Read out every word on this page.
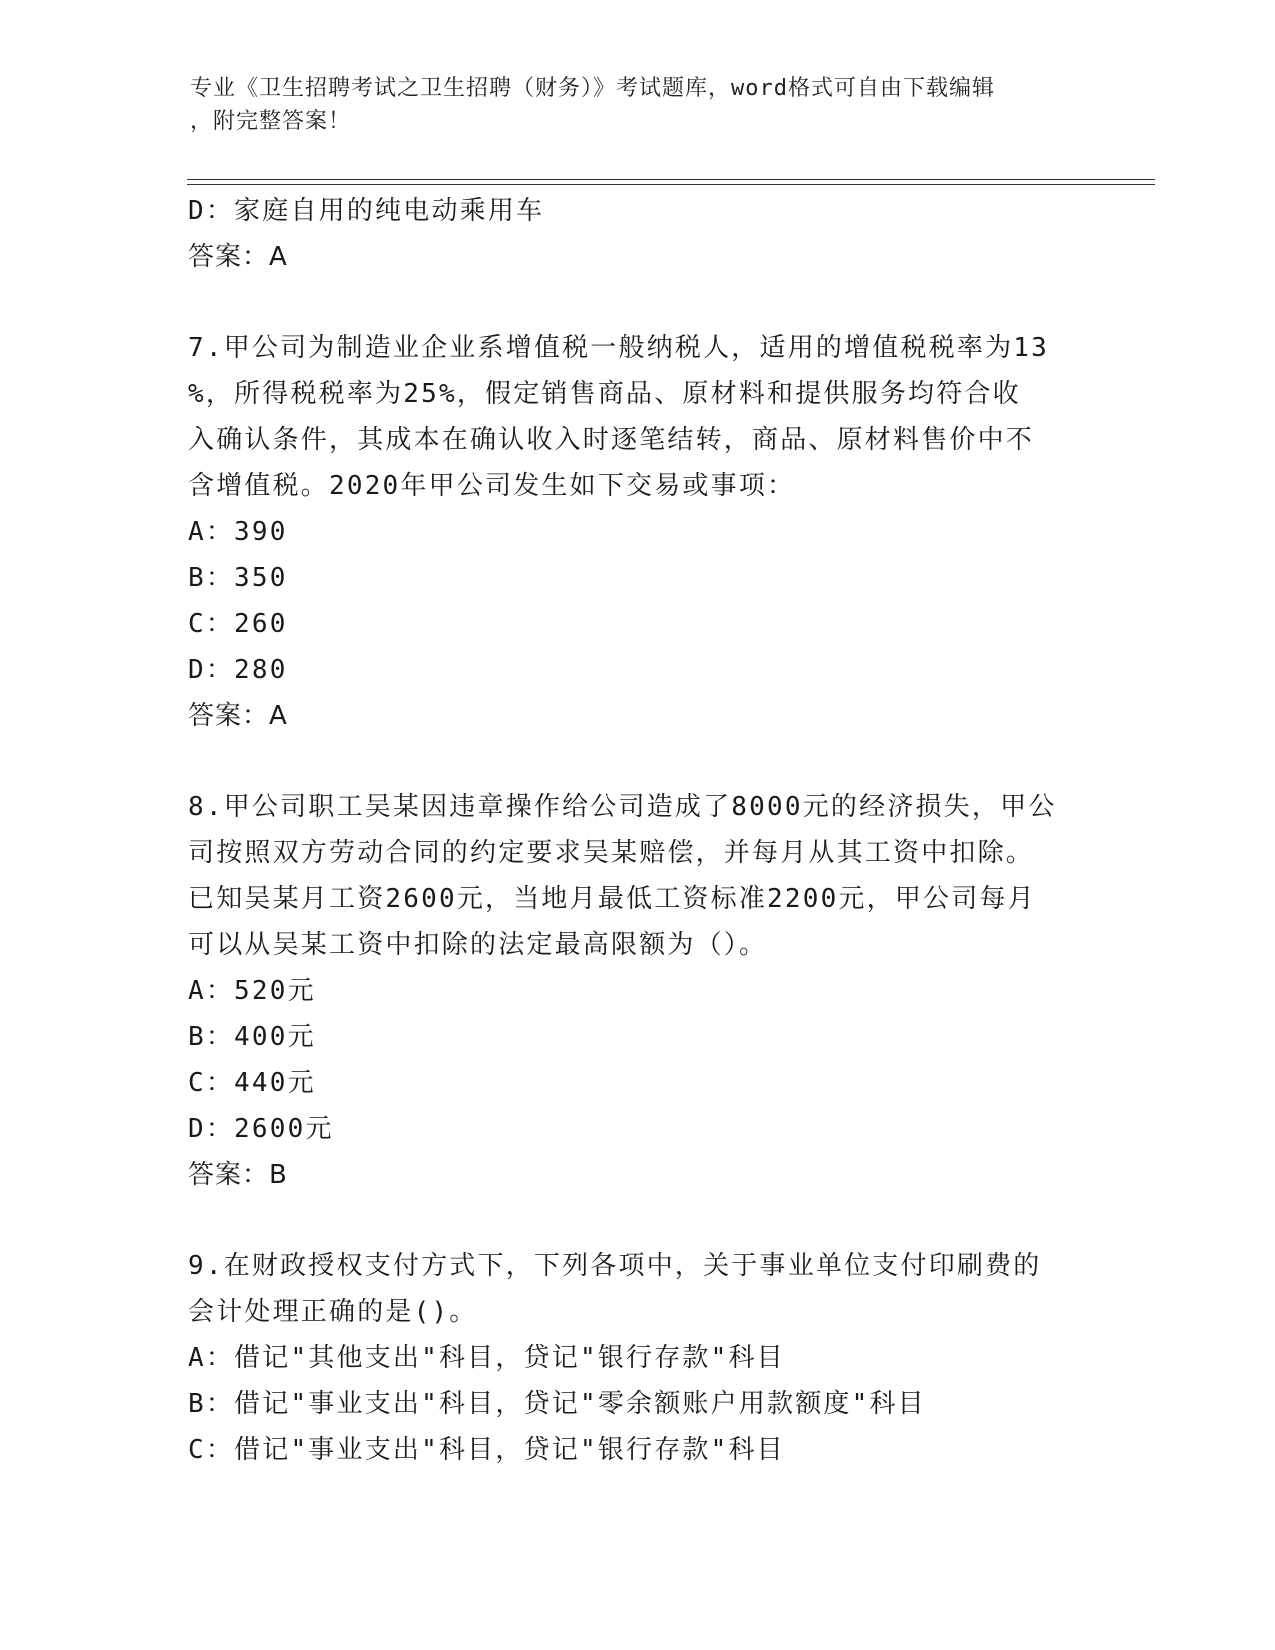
专业《卫生招聘考试之卫生招聘（财务）》考试题库，word格式可自由下载编辑
，附完整答案！
D：家庭自用的纯电动乘用车
答案：A
7.甲公司为制造业企业系增值税一般纳税人，适用的增值税税率为13
%，所得税税率为25%，假定销售商品、原材料和提供服务均符合收
入确认条件，其成本在确认收入时逐笔结转，商品、原材料售价中不
含增值税。2020年甲公司发生如下交易或事项：
A：390
B：350
C：260
D：280
答案：A
8.甲公司职工吴某因违章操作给公司造成了8000元的经济损失，甲公
司按照双方劳动合同的约定要求吴某赔偿，并每月从其工资中扣除。
已知吴某月工资2600元，当地月最低工资标准2200元，甲公司每月
可以从吴某工资中扣除的法定最高限额为（）。
A：520元
B：400元
C：440元
D：2600元
答案：B
9.在财政授权支付方式下，下列各项中，关于事业单位支付印刷费的
会计处理正确的是()。
A：借记"其他支出"科目，贷记"银行存款"科目
B：借记"事业支出"科目，贷记"零余额账户用款额度"科目
C：借记"事业支出"科目，贷记"银行存款"科目
